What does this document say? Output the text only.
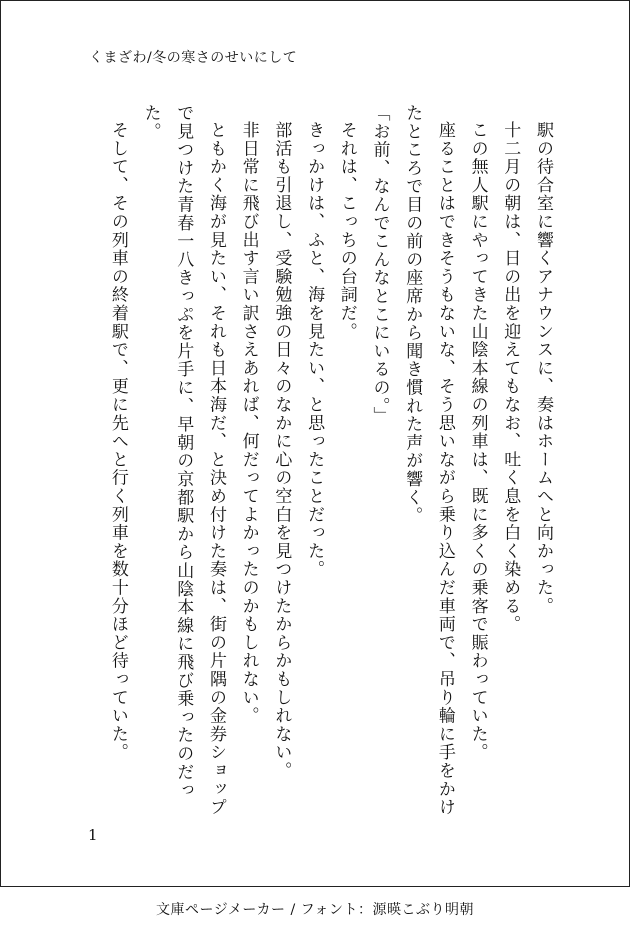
くまざわ/冬の寒さのせいにして

駅の待合室に響くアナウンスに、奏はホームへと向かった。

十二月の朝は、日の出を迎えてもなお、吐く息を白く染める。

この無人駅にやってきた山陰本線の列車は、既に多くの乗客で賑わっていた。

座ることはできそうもないな、そう思いながら乗り込んだ車両で、吊り輪に手をかけたところで目の前の座席から聞き慣れた声が響く。

「お前、なんでこんなとこにいるの。」

それは、こっちの台詞だ。

きっかけは、ふと、海を見たい、と思ったことだった。

部活も引退し、受験勉強の日々のなかに心の空白を見つけたからかもしれない。

非日常に飛び出す言い訳さえあれば、何だってよかったのかもしれない。

ともかく海が見たい、それも日本海だ、と決め付けた奏は、街の片隅の金券ショップで見つけた青春一八きっぷを片手に、早朝の京都駅から山陰本線に飛び乗ったのだった。

そして、その列車の終着駅で、更に先へと行く列車を数十分ほど待っていた。

1
文庫ページメーカー / フォント：源暎こぶり明朝
